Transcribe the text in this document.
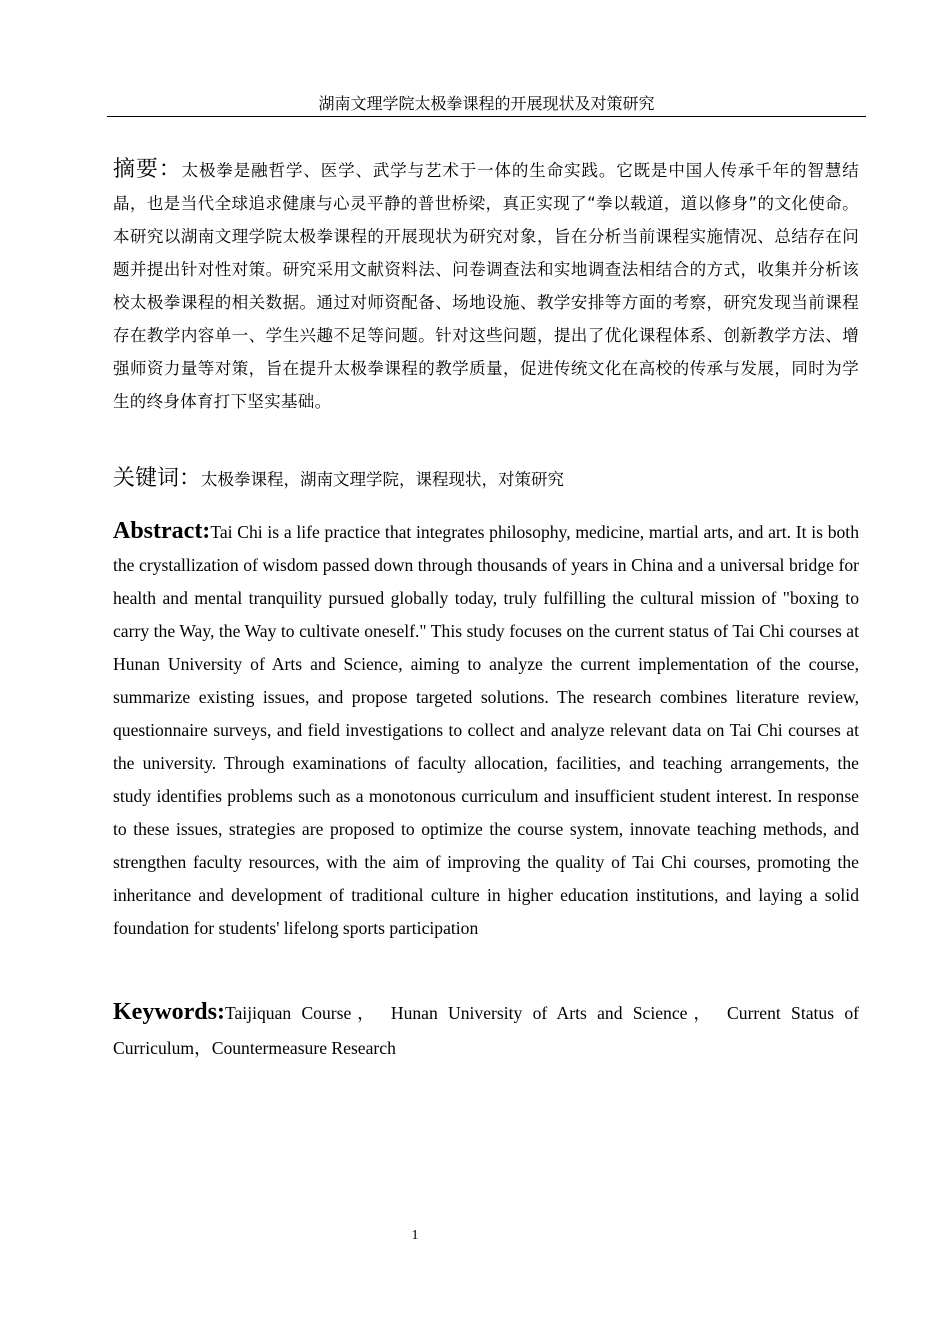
湖南文理学院太极拳课程的开展现状及对策研究
摘要：太极拳是融哲学、医学、武学与艺术于一体的生命实践。它既是中国人传承千年的智慧结晶，也是当代全球追求健康与心灵平静的普世桥梁，真正实现了“拳以载道，道以修身”的文化使命。本研究以湖南文理学院太极拳课程的开展现状为研究对象，旨在分析当前课程实施情况、总结存在问题并提出针对性对策。研究采用文献资料法、问卷调查法和实地调查法相结合的方式，收集并分析该校太极拳课程的相关数据。通过对师资配备、场地设施、教学安排等方面的考察，研究发现当前课程存在教学内容单一、学生兴趣不足等问题。针对这些问题，提出了优化课程体系、创新教学方法、增强师资力量等对策，旨在提升太极拳课程的教学质量，促进传统文化在高校的传承与发展，同时为学生的终身体育打下坚实基础。
关键词：太极拳课程，湖南文理学院，课程现状，对策研究
Abstract:Tai Chi is a life practice that integrates philosophy, medicine, martial arts, and art. It is both the crystallization of wisdom passed down through thousands of years in China and a universal bridge for health and mental tranquility pursued globally today, truly fulfilling the cultural mission of "boxing to carry the Way, the Way to cultivate oneself." This study focuses on the current status of Tai Chi courses at Hunan University of Arts and Science, aiming to analyze the current implementation of the course, summarize existing issues, and propose targeted solutions. The research combines literature review, questionnaire surveys, and field investigations to collect and analyze relevant data on Tai Chi courses at the university. Through examinations of faculty allocation, facilities, and teaching arrangements, the study identifies problems such as a monotonous curriculum and insufficient student interest. In response to these issues, strategies are proposed to optimize the course system, innovate teaching methods, and strengthen faculty resources, with the aim of improving the quality of Tai Chi courses, promoting the inheritance and development of traditional culture in higher education institutions, and laying a solid foundation for students' lifelong sports participation
Keywords:Taijiquan Course， Hunan University of Arts and Science， Current Status of Curriculum，Countermeasure Research
1
